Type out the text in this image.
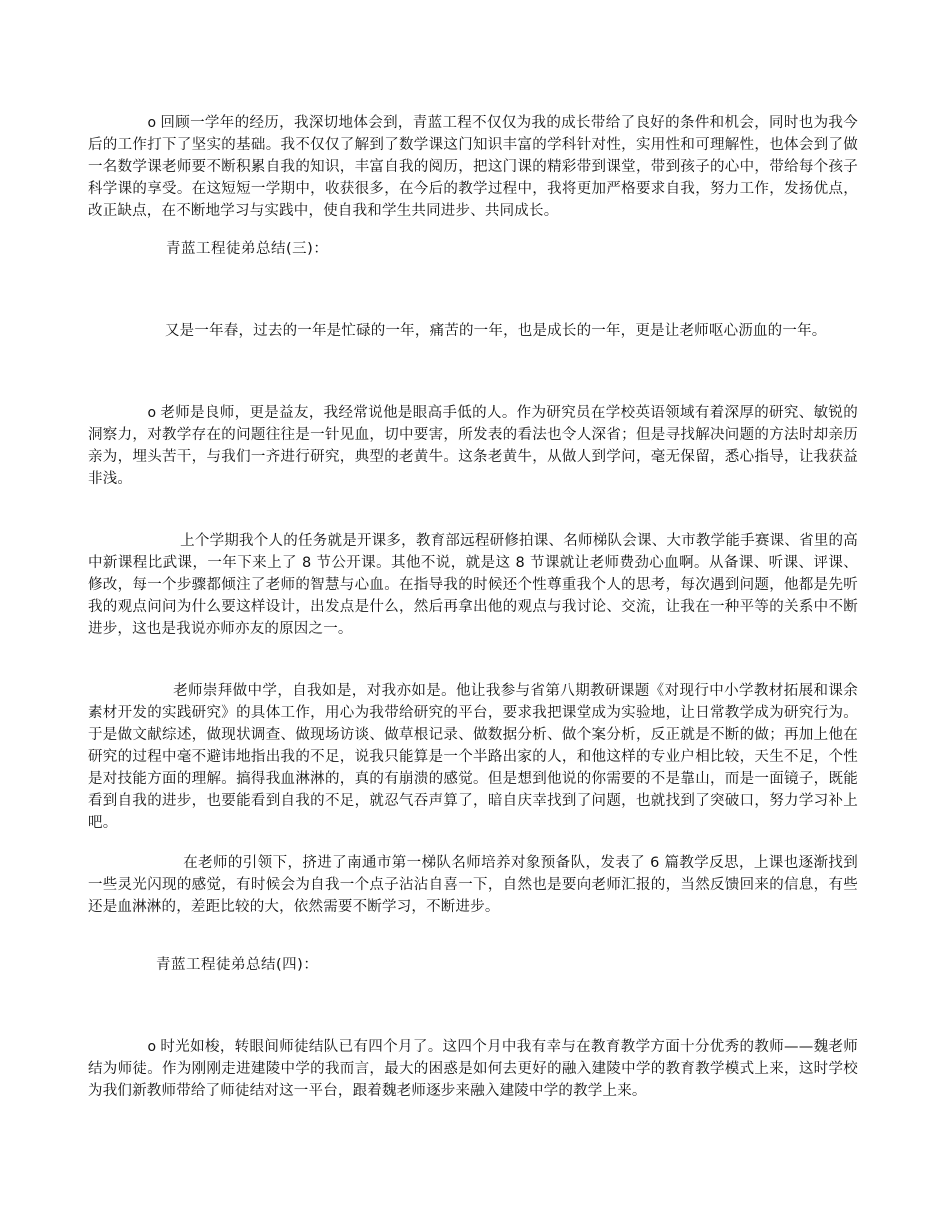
o 回顾一学年的经历，我深切地体会到，青蓝工程不仅仅为我的成长带给了良好的条件和机会，同时也为我今后的工作打下了坚实的基础。我不仅仅了解到了数学课这门知识丰富的学科针对性，实用性和可理解性，也体会到了做一名数学课老师要不断积累自我的知识，丰富自我的阅历，把这门课的精彩带到课堂，带到孩子的心中，带给每个孩子科学课的享受。在这短短一学期中，收获很多，在今后的教学过程中，我将更加严格要求自我，努力工作，发扬优点，改正缺点，在不断地学习与实践中，使自我和学生共同进步、共同成长。

青蓝工程徒弟总结(三)：

又是一年春，过去的一年是忙碌的一年，痛苦的一年，也是成长的一年，更是让老师呕心沥血的一年。

o 老师是良师，更是益友，我经常说他是眼高手低的人。作为研究员在学校英语领域有着深厚的研究、敏锐的洞察力，对教学存在的问题往往是一针见血，切中要害，所发表的看法也令人深省；但是寻找解决问题的方法时却亲历亲为，埋头苦干，与我们一齐进行研究，典型的老黄牛。这条老黄牛，从做人到学问，毫无保留，悉心指导，让我获益非浅。

上个学期我个人的任务就是开课多，教育部远程研修拍课、名师梯队会课、大市教学能手赛课、省里的高中新课程比武课，一年下来上了 8 节公开课。其他不说，就是这 8 节课就让老师费劲心血啊。从备课、听课、评课、修改，每一个步骤都倾注了老师的智慧与心血。在指导我的时候还个性尊重我个人的思考，每次遇到问题，他都是先听我的观点问问为什么要这样设计，出发点是什么，然后再拿出他的观点与我讨论、交流，让我在一种平等的关系中不断进步，这也是我说亦师亦友的原因之一。

老师崇拜做中学，自我如是，对我亦如是。他让我参与省第八期教研课题《对现行中小学教材拓展和课余素材开发的实践研究》的具体工作，用心为我带给研究的平台，要求我把课堂成为实验地，让日常教学成为研究行为。于是做文献综述，做现状调查、做现场访谈、做草根记录、做数据分析、做个案分析，反正就是不断的做；再加上他在研究的过程中毫不避讳地指出我的不足，说我只能算是一个半路出家的人，和他这样的专业户相比较，天生不足，个性是对技能方面的理解。搞得我血淋淋的，真的有崩溃的感觉。但是想到他说的你需要的不是靠山，而是一面镜子，既能看到自我的进步，也要能看到自我的不足，就忍气吞声算了，暗自庆幸找到了问题，也就找到了突破口，努力学习补上吧。

在老师的引领下，挤进了南通市第一梯队名师培养对象预备队，发表了 6 篇教学反思，上课也逐渐找到一些灵光闪现的感觉，有时候会为自我一个点子沾沾自喜一下，自然也是要向老师汇报的，当然反馈回来的信息，有些还是血淋淋的，差距比较的大，依然需要不断学习，不断进步。

青蓝工程徒弟总结(四)：

o 时光如梭，转眼间师徒结队已有四个月了。这四个月中我有幸与在教育教学方面十分优秀的教师——魏老师结为师徒。作为刚刚走进建陵中学的我而言，最大的困惑是如何去更好的融入建陵中学的教育教学模式上来，这时学校为我们新教师带给了师徒结对这一平台，跟着魏老师逐步来融入建陵中学的教学上来。
